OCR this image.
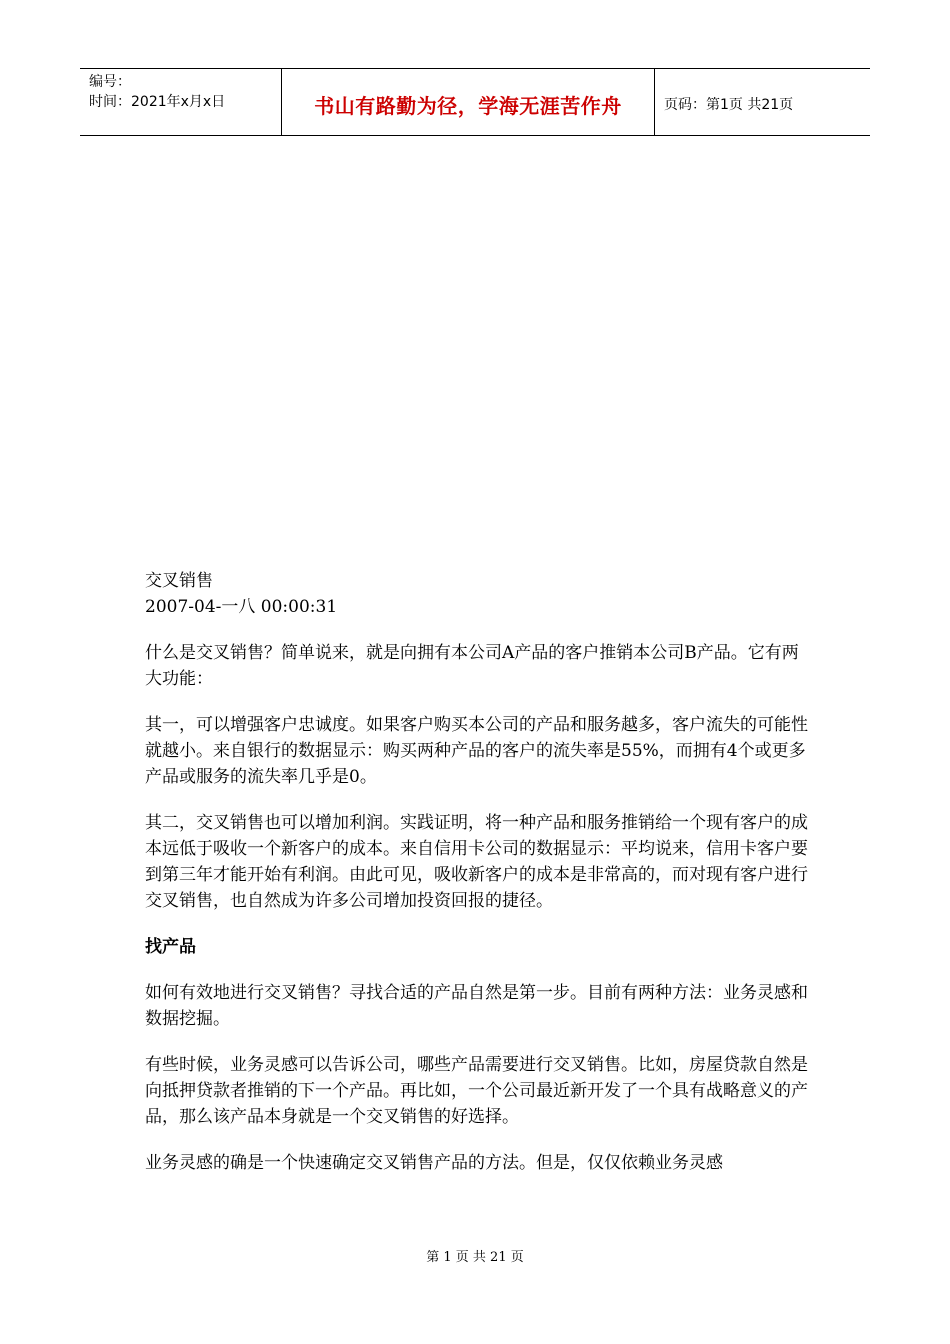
编号：
时间：2021年x月x日	书山有路勤为径，学海无涯苦作舟	页码：第1页 共21页

交叉销售

2007-04-一八 00:00:31

什么是交叉销售？简单说来，就是向拥有本公司A产品的客户推销本公司B产品。它有两大功能：

其一，可以增强客户忠诚度。如果客户购买本公司的产品和服务越多，客户流失的可能性就越小。来自银行的数据显示：购买两种产品的客户的流失率是55%，而拥有4个或更多产品或服务的流失率几乎是0。

其二，交叉销售也可以增加利润。实践证明，将一种产品和服务推销给一个现有客户的成本远低于吸收一个新客户的成本。来自信用卡公司的数据显示：平均说来，信用卡客户要到第三年才能开始有利润。由此可见，吸收新客户的成本是非常高的，而对现有客户进行交叉销售，也自然成为许多公司增加投资回报的捷径。

找产品

如何有效地进行交叉销售？寻找合适的产品自然是第一步。目前有两种方法：业务灵感和数据挖掘。

有些时候，业务灵感可以告诉公司，哪些产品需要进行交叉销售。比如，房屋贷款自然是向抵押贷款者推销的下一个产品。再比如，一个公司最近新开发了一个具有战略意义的产品，那么该产品本身就是一个交叉销售的好选择。

业务灵感的确是一个快速确定交叉销售产品的方法。但是，仅仅依赖业务灵感

第 1 页 共 21 页
